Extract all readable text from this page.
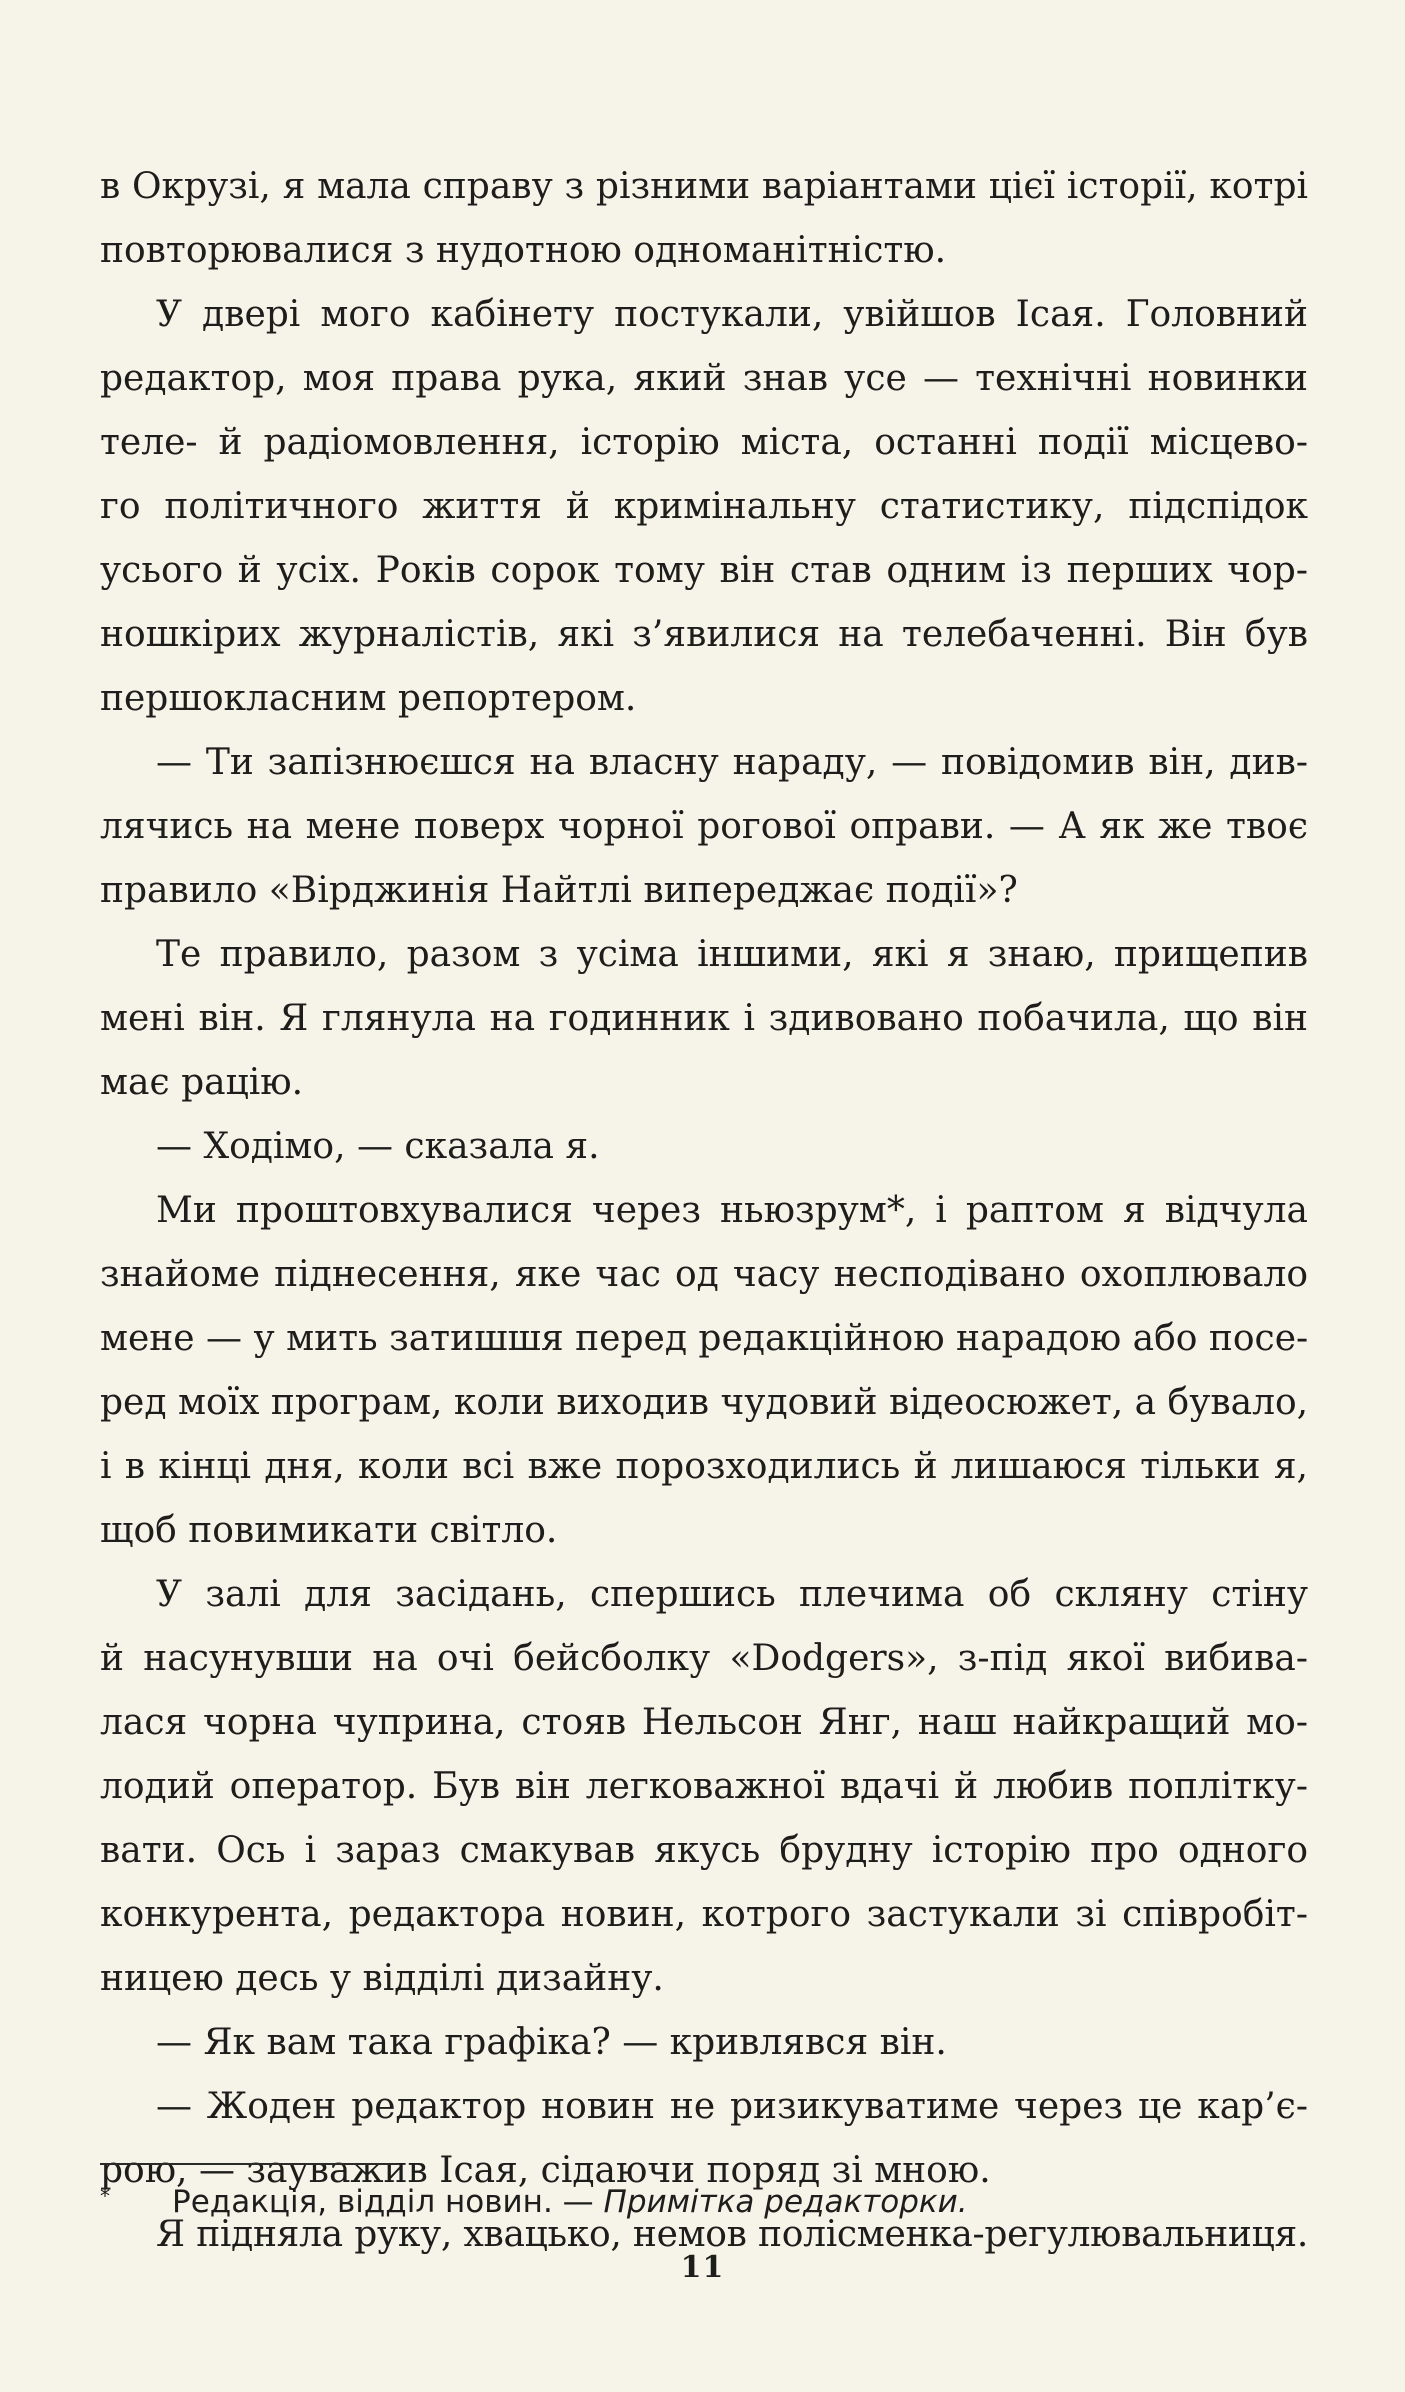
в Окрузі, я мала справу з різними варіантами цієї історії, котрі
повторювалися з нудотною одноманітністю.
У двері мого кабінету постукали, увійшов Ісая. Головний
редактор, моя права рука, який знав усе — технічні новинки
теле- й радіомовлення, історію міста, останні події місцево-
го політичного життя й кримінальну статистику, підспідок
усього й усіх. Років сорок тому він став одним із перших чор-
ношкірих журналістів, які з’явилися на телебаченні. Він був
першокласним репортером.
— Ти запізнюєшся на власну нараду, — повідомив він, див-
лячись на мене поверх чорної рогової оправи. — А як же твоє
правило «Вірджинія Найтлі випереджає події»?
Те правило, разом з усіма іншими, які я знаю, прищепив
мені він. Я глянула на годинник і здивовано побачила, що він
має рацію.
— Ходімо, — сказала я.
Ми проштовхувалися через ньюзрум*, і раптом я відчула
знайоме піднесення, яке час од часу несподівано охоплювало
мене — у мить затишшя перед редакційною нарадою або посе-
ред моїх програм, коли виходив чудовий відеосюжет, а бувало,
і в кінці дня, коли всі вже порозходились й лишаюся тільки я,
щоб повимикати світло.
У залі для засідань, спершись плечима об скляну стіну
й насунувши на очі бейсболку «Dodgers», з-під якої вибива-
лася чорна чуприна, стояв Нельсон Янг, наш найкращий мо-
лодий оператор. Був він легковажної вдачі й любив поплітку-
вати. Ось і зараз смакував якусь брудну історію про одного
конкурента, редактора новин, котрого застукали зі співробіт-
ницею десь у відділі дизайну.
— Як вам така графіка? — кривлявся він.
— Жоден редактор новин не ризикуватиме через це кар’є-
рою, — зауважив Ісая, сідаючи поряд зі мною.
Я підняла руку, хвацько, немов полісменка-регулювальниця.
* Редакція, відділ новин. — Примітка редакторки.
11
